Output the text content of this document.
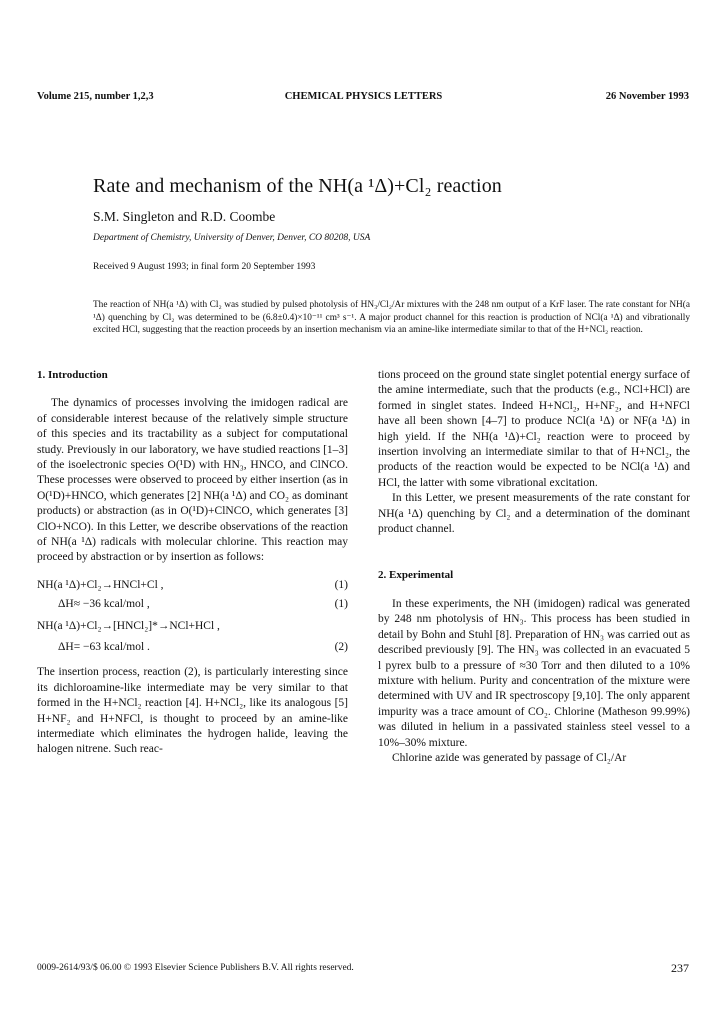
Volume 215, number 1,2,3	CHEMICAL PHYSICS LETTERS	26 November 1993
Rate and mechanism of the NH(a ¹Δ)+Cl₂ reaction
S.M. Singleton and R.D. Coombe
Department of Chemistry, University of Denver, Denver, CO 80208, USA
Received 9 August 1993; in final form 20 September 1993
The reaction of NH(a ¹Δ) with Cl₂ was studied by pulsed photolysis of HN₃/Cl₂/Ar mixtures with the 248 nm output of a KrF laser. The rate constant for NH(a ¹Δ) quenching by Cl₂ was determined to be (6.8±0.4)×10⁻¹¹ cm³ s⁻¹. A major product channel for this reaction is production of NCl(a ¹Δ) and vibrationally excited HCl, suggesting that the reaction proceeds by an insertion mechanism via an amine-like intermediate similar to that of the H+NCl₂ reaction.

1. Introduction

The dynamics of processes involving the imidogen radical are of considerable interest because of the relatively simple structure of this species and its tractability as a subject for computational study. Previously in our laboratory, we have studied reactions [1–3] of the isoelectronic species O(¹D) with HN₃, HNCO, and ClNCO. These processes were observed to proceed by either insertion (as in O(¹D)+HNCO, which generates [2] NH(a ¹Δ) and CO₂ as dominant products) or abstraction (as in O(¹D)+ClNCO, which generates [3] ClO+NCO). In this Letter, we describe observations of the reaction of NH(a ¹Δ) radicals with molecular chlorine. This reaction may proceed by abstraction or by insertion as follows:

NH(a ¹Δ)+Cl₂→HNCl+Cl ,	(1)
ΔH≈ −36 kcal/mol ,	(1)
NH(a ¹Δ)+Cl₂→[HNCl₂]*→NCl+HCl ,
ΔH= −63 kcal/mol .	(2)

The insertion process, reaction (2), is particularly interesting since its dichloroamine-like intermediate may be very similar to that formed in the H+NCl₂ reaction [4]. H+NCl₂, like its analogous [5] H+NF₂ and H+NFCl, is thought to proceed by an amine-like intermediate which eliminates the hydrogen halide, leaving the halogen nitrene. Such reac-

tions proceed on the ground state singlet potential energy surface of the amine intermediate, such that the products (e.g., NCl+HCl) are formed in singlet states. Indeed H+NCl₂, H+NF₂, and H+NFCl have all been shown [4–7] to produce NCl(a ¹Δ) or NF(a ¹Δ) in high yield. If the NH(a ¹Δ)+Cl₂ reaction were to proceed by insertion involving an intermediate similar to that of H+NCl₂, the products of the reaction would be expected to be NCl(a ¹Δ) and HCl, the latter with some vibrational excitation.

In this Letter, we present measurements of the rate constant for NH(a ¹Δ) quenching by Cl₂ and a determination of the dominant product channel.

2. Experimental

In these experiments, the NH (imidogen) radical was generated by 248 nm photolysis of HN₃. This process has been studied in detail by Bohn and Stuhl [8]. Preparation of HN₃ was carried out as described previously [9]. The HN₃ was collected in an evacuated 5 l pyrex bulb to a pressure of ≈30 Torr and then diluted to a 10% mixture with helium. Purity and concentration of the mixture were determined with UV and IR spectroscopy [9,10]. The only apparent impurity was a trace amount of CO₂. Chlorine (Matheson 99.99%) was diluted in helium in a passivated stainless steel vessel to a 10%–30% mixture.

Chlorine azide was generated by passage of Cl₂/Ar

0009-2614/93/$ 06.00 © 1993 Elsevier Science Publishers B.V. All rights reserved.	237
